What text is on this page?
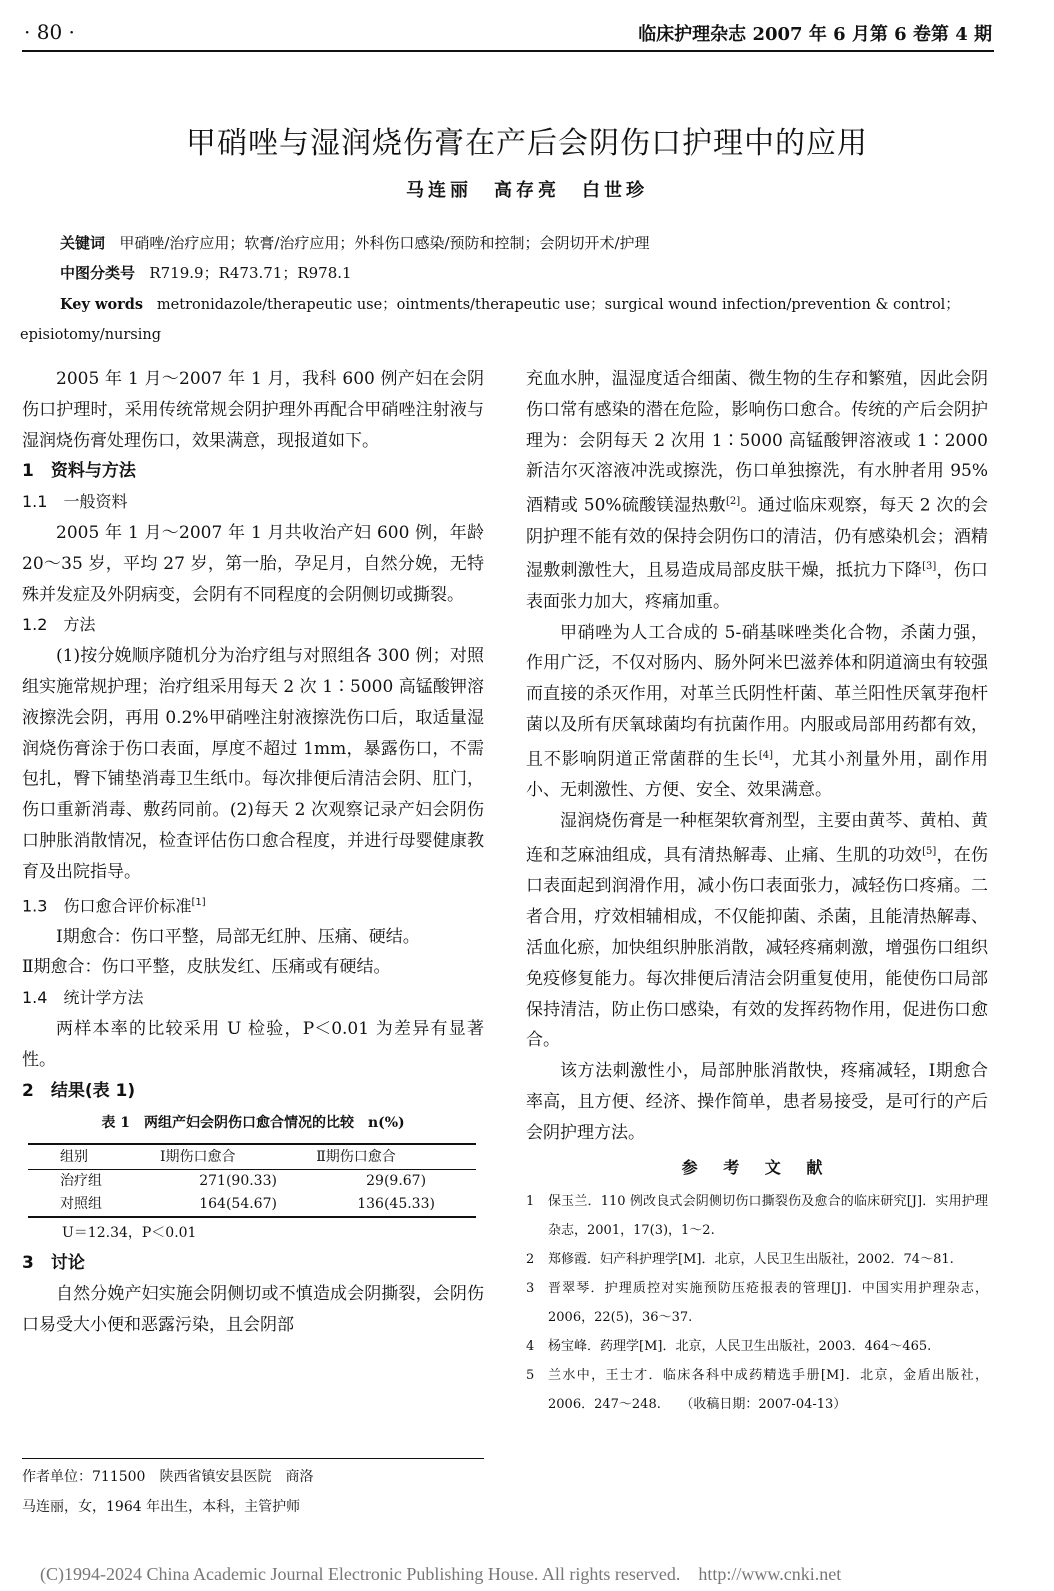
· 80 ·	临床护理杂志 2007 年 6 月第 6 卷第 4 期
甲硝唑与湿润烧伤膏在产后会阴伤口护理中的应用
马连丽　高存亮　白世珍
关键词 甲硝唑/治疗应用；软膏/治疗应用；外科伤口感染/预防和控制；会阴切开术/护理
中图分类号 R719.9；R473.71；R978.1
Key words metronidazole/therapeutic use；ointments/therapeutic use；surgical wound infection/prevention & control；episiotomy/nursing

2005 年 1 月～2007 年 1 月，我科 600 例产妇在会阴伤口护理时，采用传统常规会阴护理外再配合甲硝唑注射液与湿润烧伤膏处理伤口，效果满意，现报道如下。

1　资料与方法

1.1　一般资料

2005 年 1 月～2007 年 1 月共收治产妇 600 例，年龄 20～35 岁，平均 27 岁，第一胎，孕足月，自然分娩，无特殊并发症及外阴病变，会阴有不同程度的会阴侧切或撕裂。

1.2　方法

(1)按分娩顺序随机分为治疗组与对照组各 300 例；对照组实施常规护理；治疗组采用每天 2 次 1∶5000 高锰酸钾溶液擦洗会阴，再用 0.2%甲硝唑注射液擦洗伤口后，取适量湿润烧伤膏涂于伤口表面，厚度不超过 1mm，暴露伤口，不需包扎，臀下铺垫消毒卫生纸巾。每次排便后清洁会阴、肛门，伤口重新消毒、敷药同前。(2)每天 2 次观察记录产妇会阴伤口肿胀消散情况，检查评估伤口愈合程度，并进行母婴健康教育及出院指导。

1.3　伤口愈合评价标准[1]

Ⅰ期愈合：伤口平整，局部无红肿、压痛、硬结。

Ⅱ期愈合：伤口平整，皮肤发红、压痛或有硬结。

1.4　统计学方法

两样本率的比较采用 U 检验，P＜0.01 为差异有显著性。

2　结果(表 1)

表 1　两组产妇会阴伤口愈合情况的比较　n(%)
组别	Ⅰ期伤口愈合	Ⅱ期伤口愈合
治疗组	271(90.33)	29(9.67)
对照组	164(54.67)	136(45.33)
U＝12.34，P＜0.01

3　讨论

自然分娩产妇实施会阴侧切或不慎造成会阴撕裂，会阴伤口易受大小便和恶露污染，且会阴部

充血水肿，温湿度适合细菌、微生物的生存和繁殖，因此会阴伤口常有感染的潜在危险，影响伤口愈合。传统的产后会阴护理为：会阴每天 2 次用 1∶5000 高锰酸钾溶液或 1∶2000 新洁尔灭溶液冲洗或擦洗，伤口单独擦洗，有水肿者用 95%酒精或 50%硫酸镁湿热敷[2]。通过临床观察，每天 2 次的会阴护理不能有效的保持会阴伤口的清洁，仍有感染机会；酒精湿敷刺激性大，且易造成局部皮肤干燥，抵抗力下降[3]，伤口表面张力加大，疼痛加重。

甲硝唑为人工合成的 5-硝基咪唑类化合物，杀菌力强，作用广泛，不仅对肠内、肠外阿米巴滋养体和阴道滴虫有较强而直接的杀灭作用，对革兰氏阴性杆菌、革兰阳性厌氧芽孢杆菌以及所有厌氧球菌均有抗菌作用。内服或局部用药都有效，且不影响阴道正常菌群的生长[4]，尤其小剂量外用，副作用小、无刺激性、方便、安全、效果满意。

湿润烧伤膏是一种框架软膏剂型，主要由黄芩、黄柏、黄连和芝麻油组成，具有清热解毒、止痛、生肌的功效[5]，在伤口表面起到润滑作用，减小伤口表面张力，减轻伤口疼痛。二者合用，疗效相辅相成，不仅能抑菌、杀菌，且能清热解毒、活血化瘀，加快组织肿胀消散，减轻疼痛刺激，增强伤口组织免疫修复能力。每次排便后清洁会阴重复使用，能使伤口局部保持清洁，防止伤口感染，有效的发挥药物作用，促进伤口愈合。

该方法刺激性小，局部肿胀消散快，疼痛减轻，Ⅰ期愈合率高，且方便、经济、操作简单，患者易接受，是可行的产后会阴护理方法。

参 考 文 献
1	保玉兰．110 例改良式会阴侧切伤口撕裂伤及愈合的临床研究[J]．实用护理杂志，2001，17(3)，1～2.
2	郑修霞．妇产科护理学[M]．北京，人民卫生出版社，2002．74～81.
3	晋翠琴．护理质控对实施预防压疮报表的管理[J]．中国实用护理杂志，2006，22(5)，36～37.
4	杨宝峰．药理学[M]．北京，人民卫生出版社，2003．464～465.
5	兰水中，王士才．临床各科中成药精选手册[M]．北京，金盾出版社，2006．247～248.　　（收稿日期：2007-04-13）
作者单位：711500　陕西省镇安县医院　商洛
马连丽，女，1964 年出生，本科，主管护师
(C)1994-2024 China Academic Journal Electronic Publishing House. All rights reserved.　http://www.cnki.net
